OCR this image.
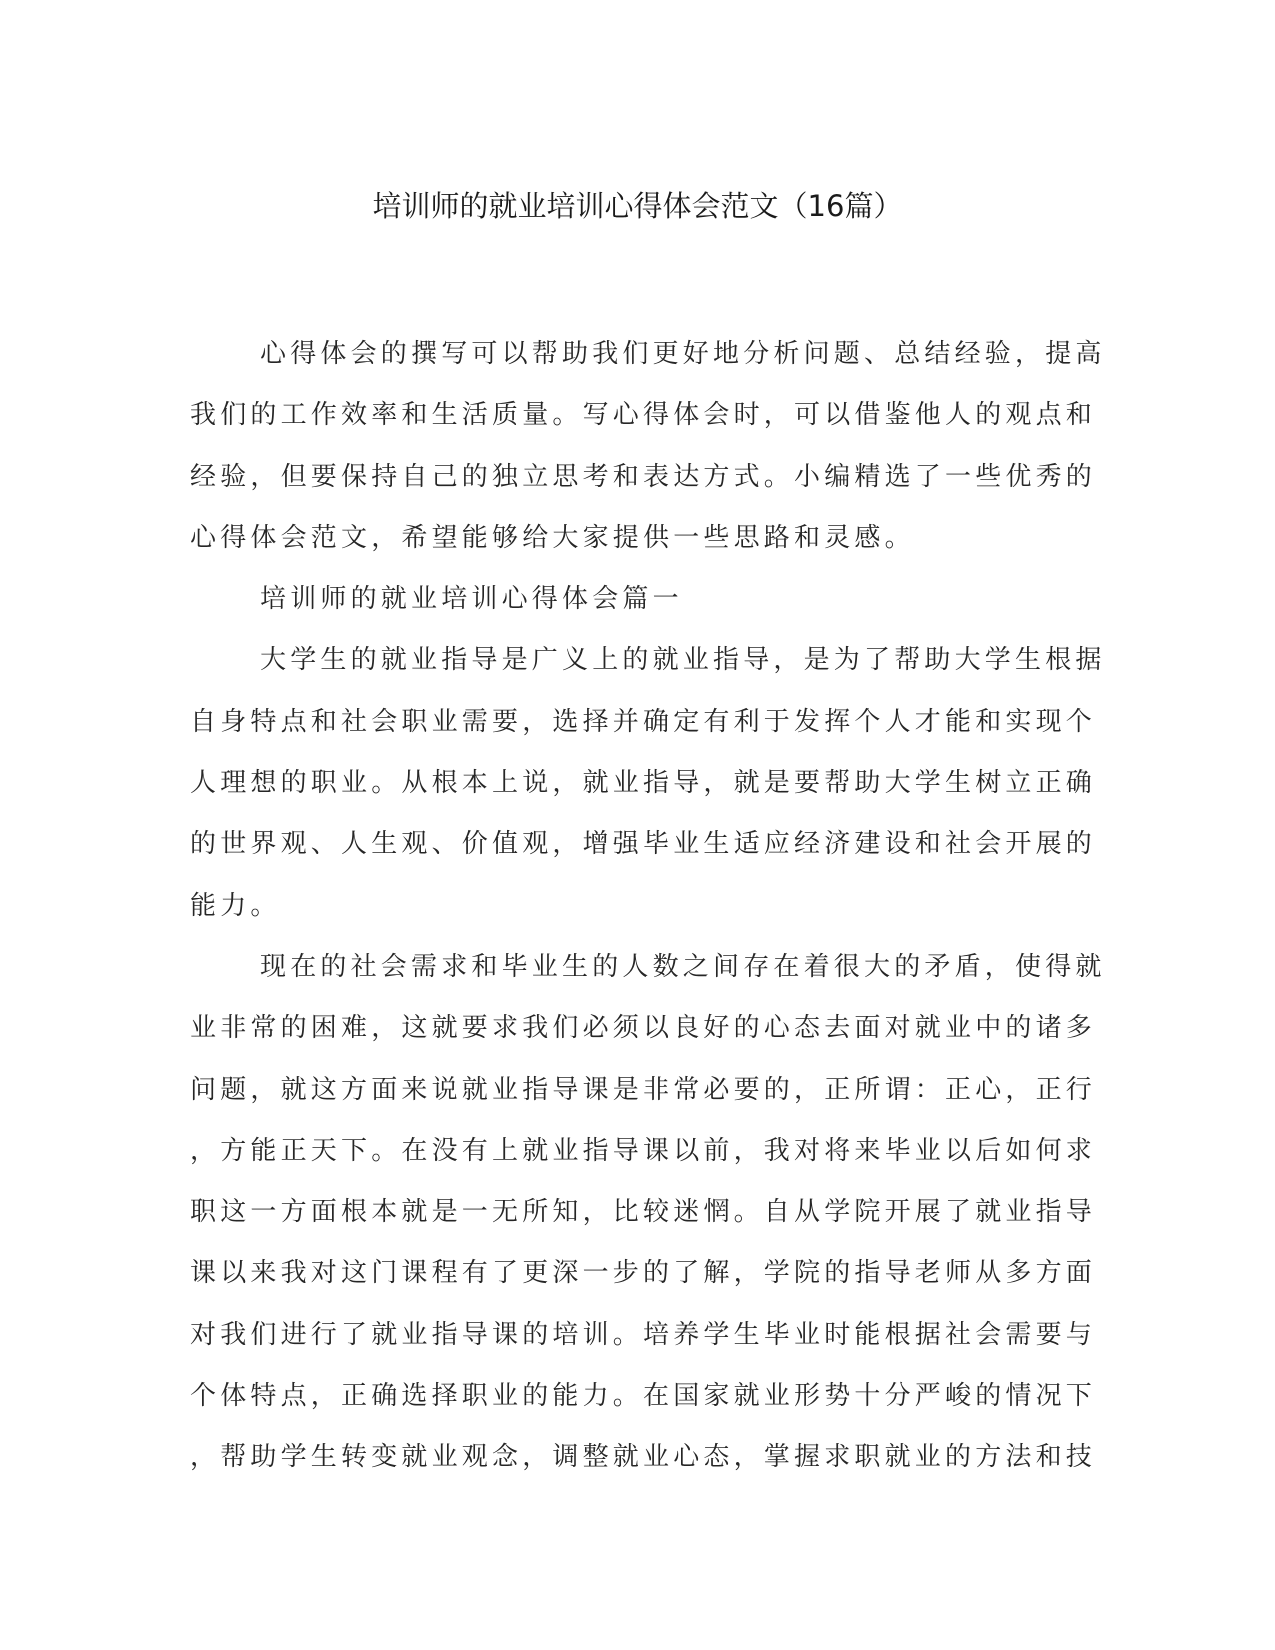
培训师的就业培训心得体会范文（16篇）
心得体会的撰写可以帮助我们更好地分析问题、总结经验，提高
我们的工作效率和生活质量。写心得体会时，可以借鉴他人的观点和
经验，但要保持自己的独立思考和表达方式。小编精选了一些优秀的
心得体会范文，希望能够给大家提供一些思路和灵感。
培训师的就业培训心得体会篇一
大学生的就业指导是广义上的就业指导，是为了帮助大学生根据
自身特点和社会职业需要，选择并确定有利于发挥个人才能和实现个
人理想的职业。从根本上说，就业指导，就是要帮助大学生树立正确
的世界观、人生观、价值观，增强毕业生适应经济建设和社会开展的
能力。
现在的社会需求和毕业生的人数之间存在着很大的矛盾，使得就
业非常的困难，这就要求我们必须以良好的心态去面对就业中的诸多
问题，就这方面来说就业指导课是非常必要的，正所谓：正心，正行
，方能正天下。在没有上就业指导课以前，我对将来毕业以后如何求
职这一方面根本就是一无所知，比较迷惘。自从学院开展了就业指导
课以来我对这门课程有了更深一步的了解，学院的指导老师从多方面
对我们进行了就业指导课的培训。培养学生毕业时能根据社会需要与
个体特点，正确选择职业的能力。在国家就业形势十分严峻的情况下
，帮助学生转变就业观念，调整就业心态，掌握求职就业的方法和技
